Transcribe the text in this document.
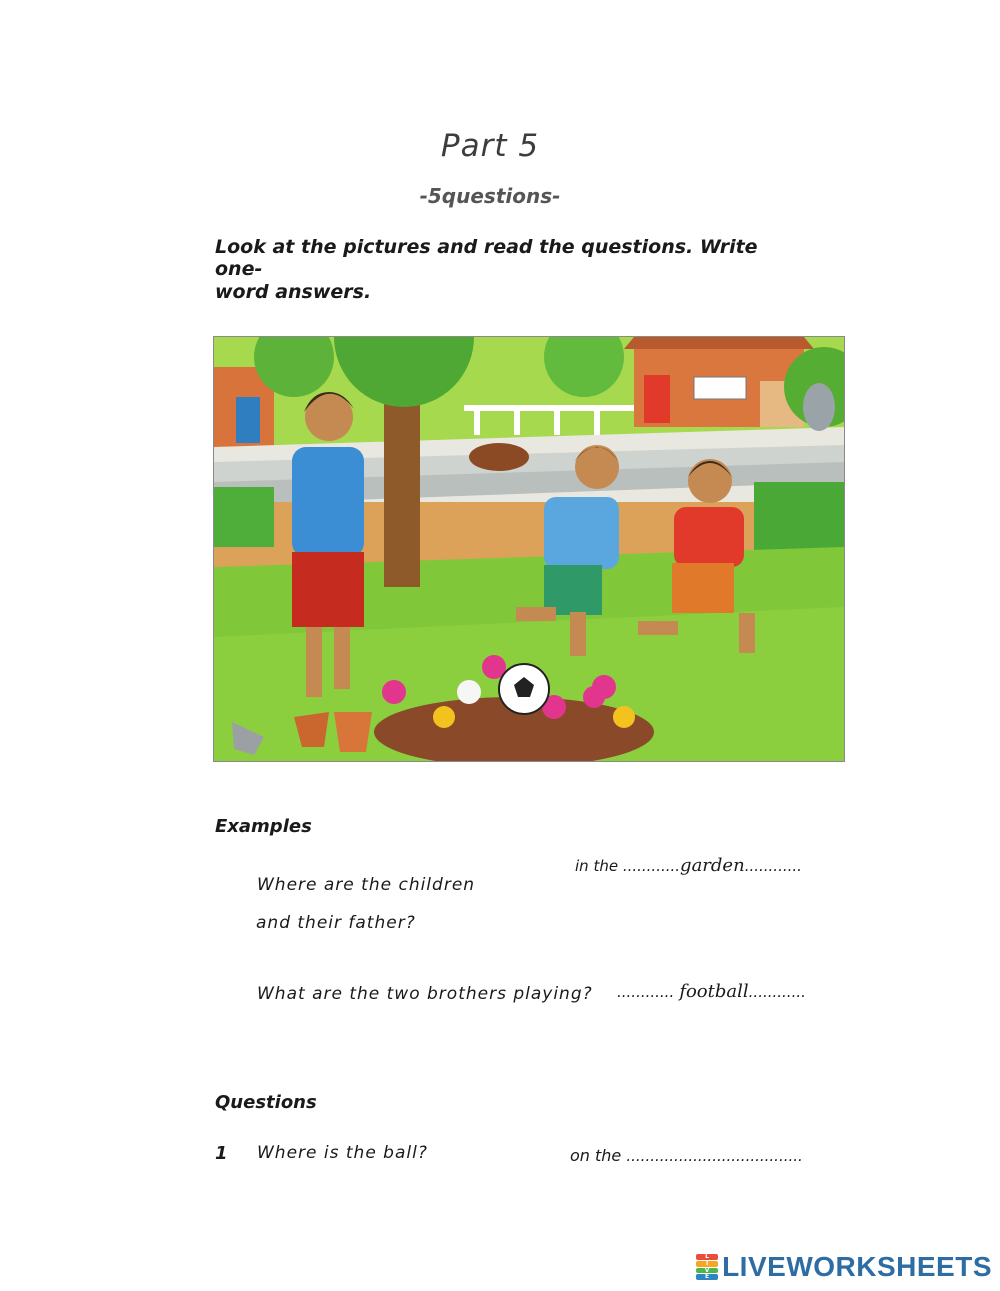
Part 5
-5questions-
Look at the pictures and read the questions. Write one-
word answers.
Examples
Where are the children
and their father?
in the ............garden............
What are the two brothers playing? ............ football............
Questions
1 Where is the ball?	on the .....................................
L
I
V
E LIVEWORKSHEETS
